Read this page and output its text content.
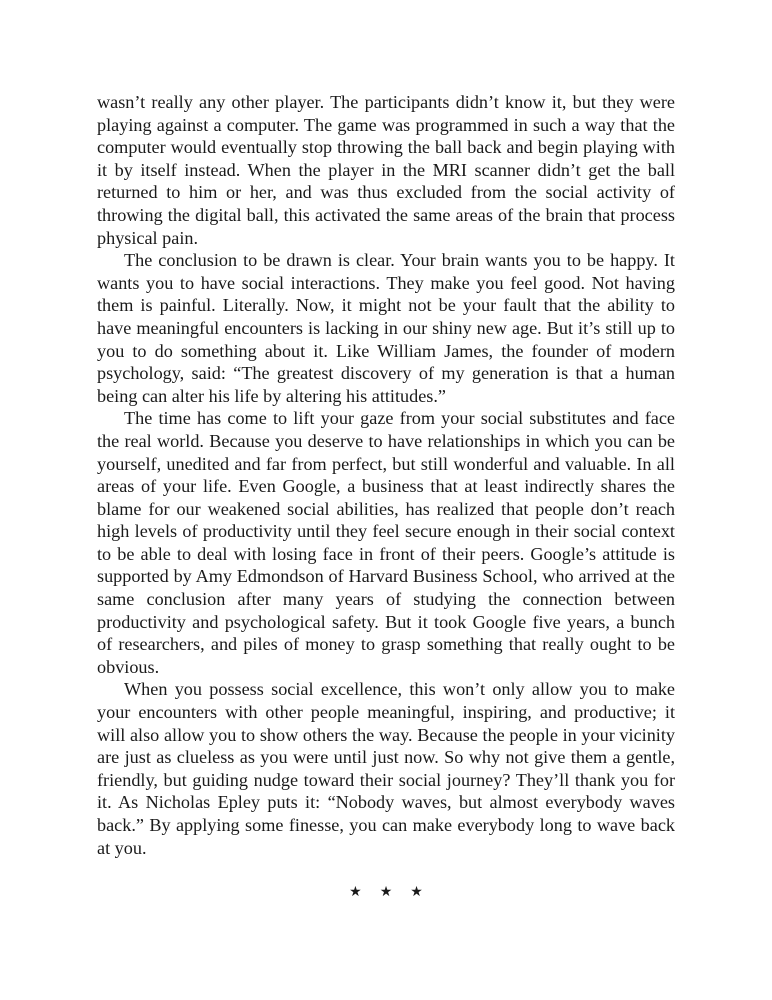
wasn’t really any other player. The participants didn’t know it, but they were playing against a computer. The game was programmed in such a way that the computer would eventually stop throwing the ball back and begin playing with it by itself instead. When the player in the MRI scanner didn’t get the ball returned to him or her, and was thus excluded from the social activity of throwing the digital ball, this activated the same areas of the brain that process physical pain.

The conclusion to be drawn is clear. Your brain wants you to be happy. It wants you to have social interactions. They make you feel good. Not having them is painful. Literally. Now, it might not be your fault that the ability to have meaningful encounters is lacking in our shiny new age. But it’s still up to you to do something about it. Like William James, the founder of modern psychology, said: “The greatest discovery of my generation is that a human being can alter his life by altering his attitudes.”

The time has come to lift your gaze from your social substitutes and face the real world. Because you deserve to have relationships in which you can be yourself, unedited and far from perfect, but still wonderful and valuable. In all areas of your life. Even Google, a business that at least indirectly shares the blame for our weakened social abilities, has realized that people don’t reach high levels of productivity until they feel secure enough in their social context to be able to deal with losing face in front of their peers. Google’s attitude is supported by Amy Edmondson of Harvard Business School, who arrived at the same conclusion after many years of studying the connection between productivity and psychological safety. But it took Google five years, a bunch of researchers, and piles of money to grasp something that really ought to be obvious.

When you possess social excellence, this won’t only allow you to make your encounters with other people meaningful, inspiring, and productive; it will also allow you to show others the way. Because the people in your vicinity are just as clueless as you were until just now. So why not give them a gentle, friendly, but guiding nudge toward their social journey? They’ll thank you for it. As Nicholas Epley puts it: “Nobody waves, but almost everybody waves back.” By applying some finesse, you can make everybody long to wave back at you.

★★★
